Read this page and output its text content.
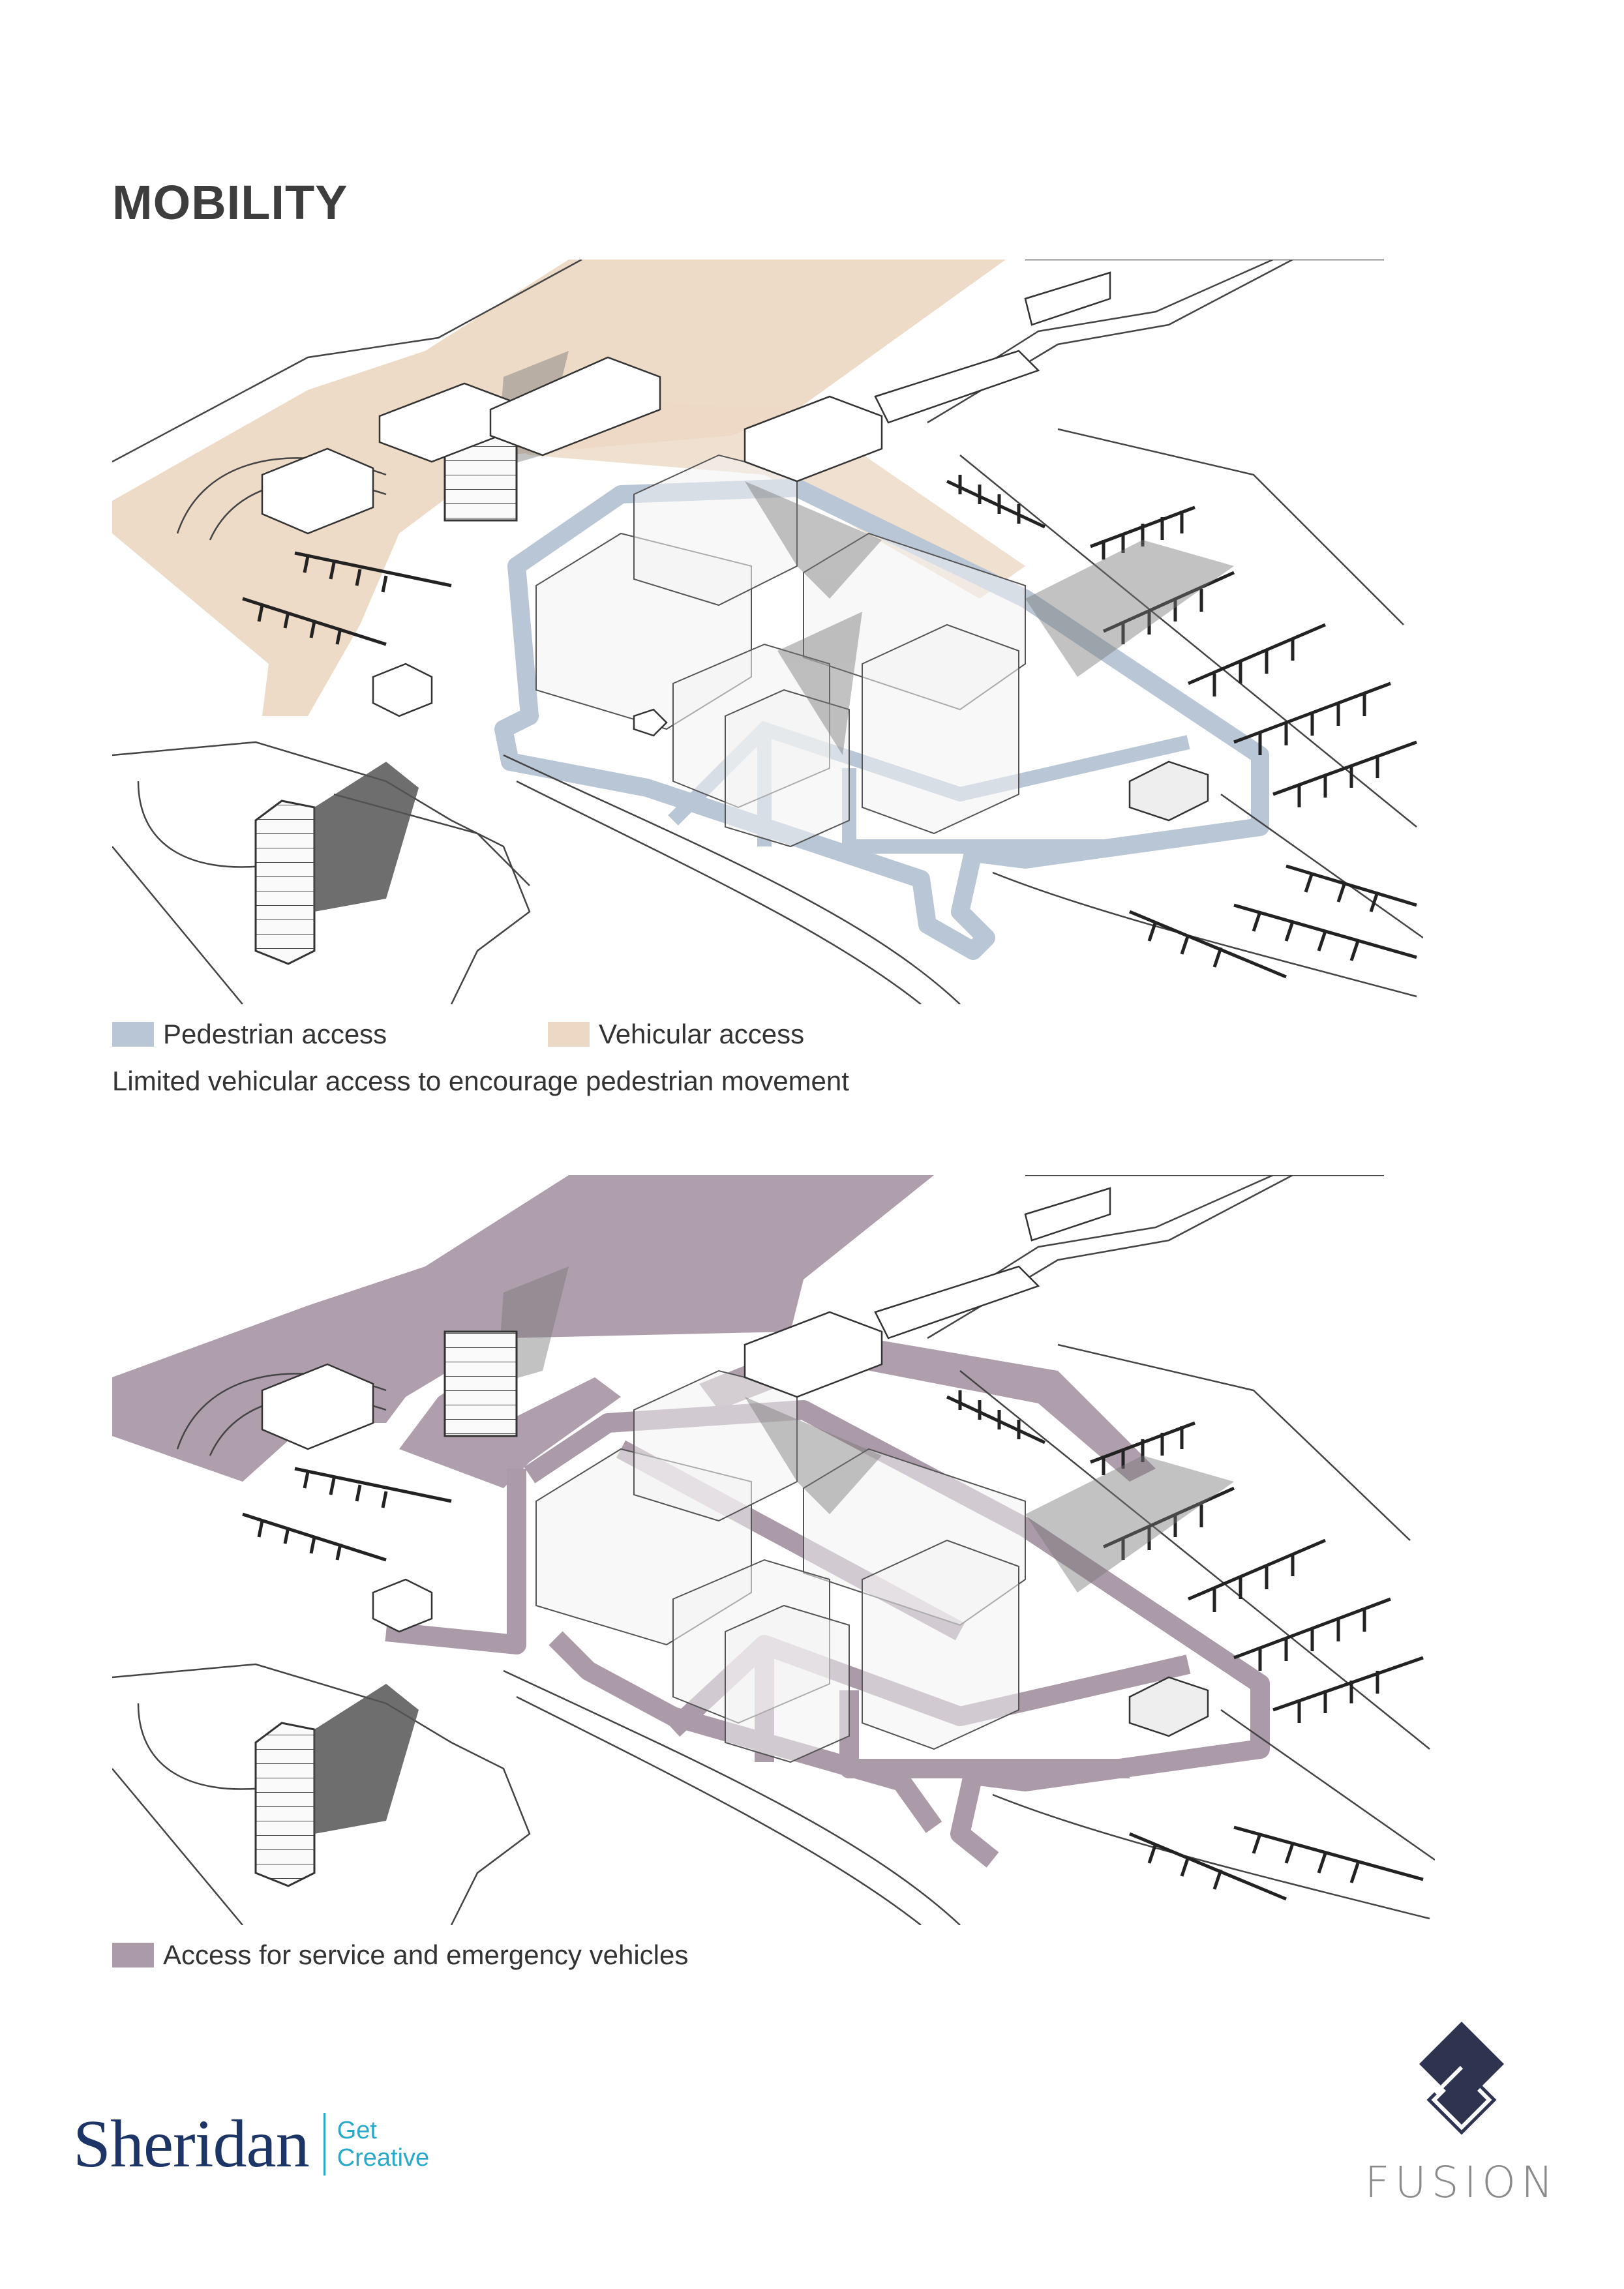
MOBILITY
Pedestrian access	Vehicular access
Limited vehicular access to encourage pedestrian movement
Access for service and emergency vehicles
Sheridan Get
Creative	FUSION
